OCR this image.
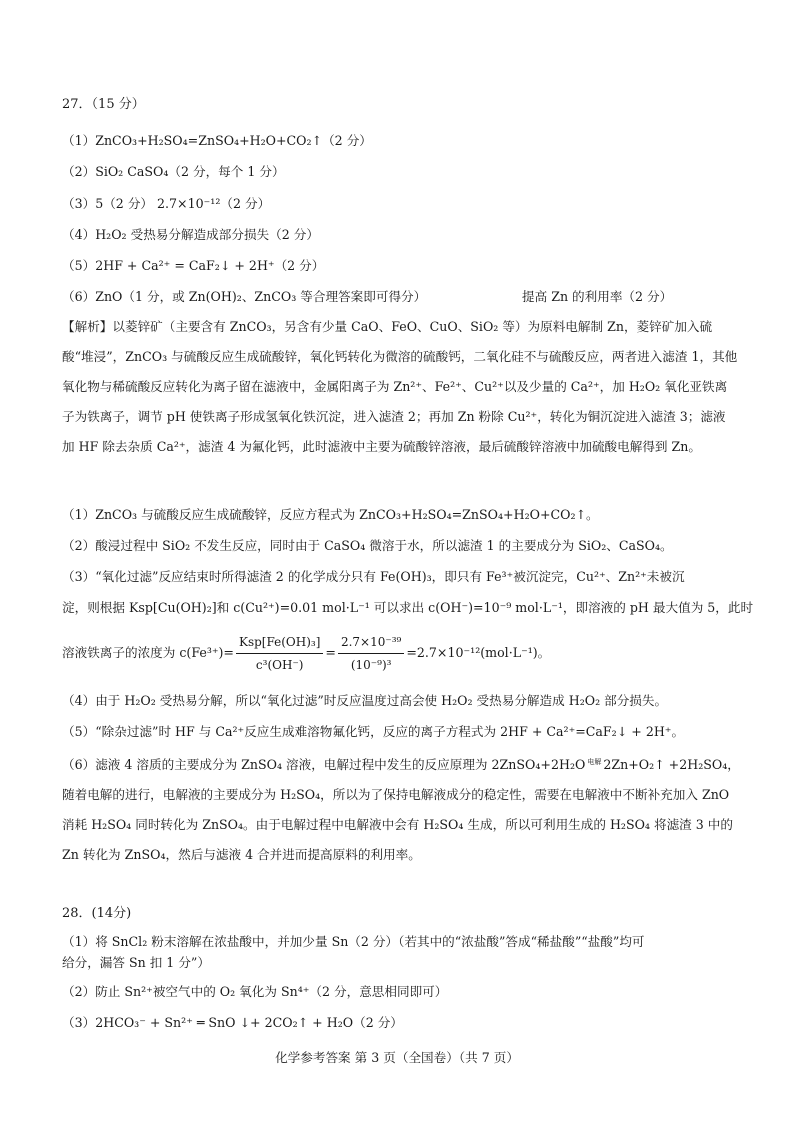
27．（15 分）
（1）ZnCO₃+H₂SO₄=ZnSO₄+H₂O+CO₂↑（2 分）
（2）SiO₂ CaSO₄（2 分，每个 1 分）
（3）5（2 分） 2.7×10⁻¹²（2 分）
（4）H₂O₂ 受热易分解造成部分损失（2 分）
（5）2HF + Ca²⁺ = CaF₂↓ + 2H⁺（2 分）
（6）ZnO（1 分，或 Zn(OH)₂、ZnCO₃ 等合理答案即可得分）	提高 Zn 的利用率（2 分）
【解析】以菱锌矿（主要含有 ZnCO₃，另含有少量 CaO、FeO、CuO、SiO₂ 等）为原料电解制 Zn，菱锌矿加入硫酸“堆浸”，ZnCO₃ 与硫酸反应生成硫酸锌，氧化钙转化为微溶的硫酸钙，二氧化硅不与硫酸反应，两者进入滤渣 1，其他氧化物与稀硫酸反应转化为离子留在滤液中，金属阳离子为 Zn²⁺、Fe²⁺、Cu²⁺以及少量的 Ca²⁺，加 H₂O₂ 氧化亚铁离子为铁离子，调节 pH 使铁离子形成氢氧化铁沉淀，进入滤渣 2；再加 Zn 粉除 Cu²⁺，转化为铜沉淀进入滤渣 3；滤液加 HF 除去杂质 Ca²⁺，滤渣 4 为氟化钙，此时滤液中主要为硫酸锌溶液，最后硫酸锌溶液中加硫酸电解得到 Zn。
（1）ZnCO₃ 与硫酸反应生成硫酸锌，反应方程式为 ZnCO₃+H₂SO₄=ZnSO₄+H₂O+CO₂↑。
（2）酸浸过程中 SiO₂ 不发生反应，同时由于 CaSO₄ 微溶于水，所以滤渣 1 的主要成分为 SiO₂、CaSO₄。
（3）“氧化过滤”反应结束时所得滤渣 2 的化学成分只有 Fe(OH)₃，即只有 Fe³⁺被沉淀完，Cu²⁺、Zn²⁺未被沉
淀，则根据 Ksp[Cu(OH)₂]和 c(Cu²⁺)=0.01 mol·L⁻¹ 可以求出 c(OH⁻)=10⁻⁹ mol·L⁻¹，即溶液的 pH 最大值为 5，此时
溶液铁离子的浓度为 $c(Fe^{3+})= \frac{\text{Ksp[Fe(OH)₃]}}{\text{c³(OH⁻)}} = \frac{\text{2.7×10⁻³⁹}}{\text{(10⁻⁹)³}} =2.7\times 10^{-12}(mol\cdot L^{-1})$。
（4）由于 H₂O₂ 受热易分解，所以“氧化过滤”时反应温度过高会使 H₂O₂ 受热易分解造成 H₂O₂ 部分损失。
（5）“除杂过滤”时 HF 与 Ca²⁺反应生成难溶物氟化钙，反应的离子方程式为 2HF + Ca²⁺=CaF₂↓ + 2H⁺。
（6）滤液 4 溶质的主要成分为 ZnSO₄ 溶液，电解过程中发生的反应原理为 2ZnSO₄+2H₂O $^{电解}$ 2Zn+O₂↑ +2H₂SO₄，
随着电解的进行，电解液的主要成分为 H₂SO₄，所以为了保持电解液成分的稳定性，需要在电解液中不断补充加入 ZnO 消耗 H₂SO₄ 同时转化为 ZnSO₄。由于电解过程中电解液中会有 H₂SO₄ 生成，所以可利用生成的 H₂SO₄ 将滤渣 3 中的 Zn 转化为 ZnSO₄，然后与滤液 4 合并进而提高原料的利用率。
28．(14分)
（1）将 SnCl₂ 粉末溶解在浓盐酸中，并加少量 Sn（2 分）（若其中的“浓盐酸”答成“稀盐酸”“盐酸”均可
给分，漏答 Sn 扣 1 分”）
（2）防止 Sn²⁺被空气中的 O₂ 氧化为 Sn⁴⁺（2 分，意思相同即可）
（3）2HCO₃⁻ + Sn²⁺ ═ SnO ↓+ 2CO₂↑ + H₂O（2 分）
化学参考答案 第 3 页（全国卷）（共 7 页）
